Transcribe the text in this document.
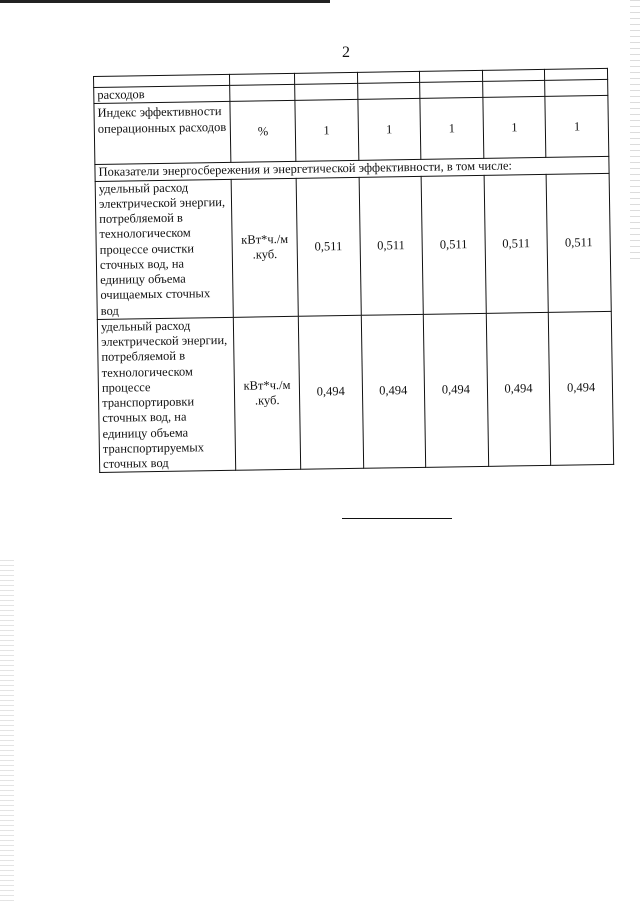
2

расходов						
Индекс эффективности операционных расходов	%	1	1	1	1	1
Показатели энергосбережения и энергетической эффективности, в том числе:						
удельный расход электрической энергии, потребляемой в технологическом процессе очистки сточных вод, на единицу объема очищаемых сточных вод	кВт*ч./м .куб.	0,511	0,511	0,511	0,511	0,511
удельный расход электрической энергии, потребляемой в технологическом процессе транспортировки сточных вод, на единицу объема транспортируемых сточных вод	кВт*ч./м .куб.	0,494	0,494	0,494	0,494	0,494
